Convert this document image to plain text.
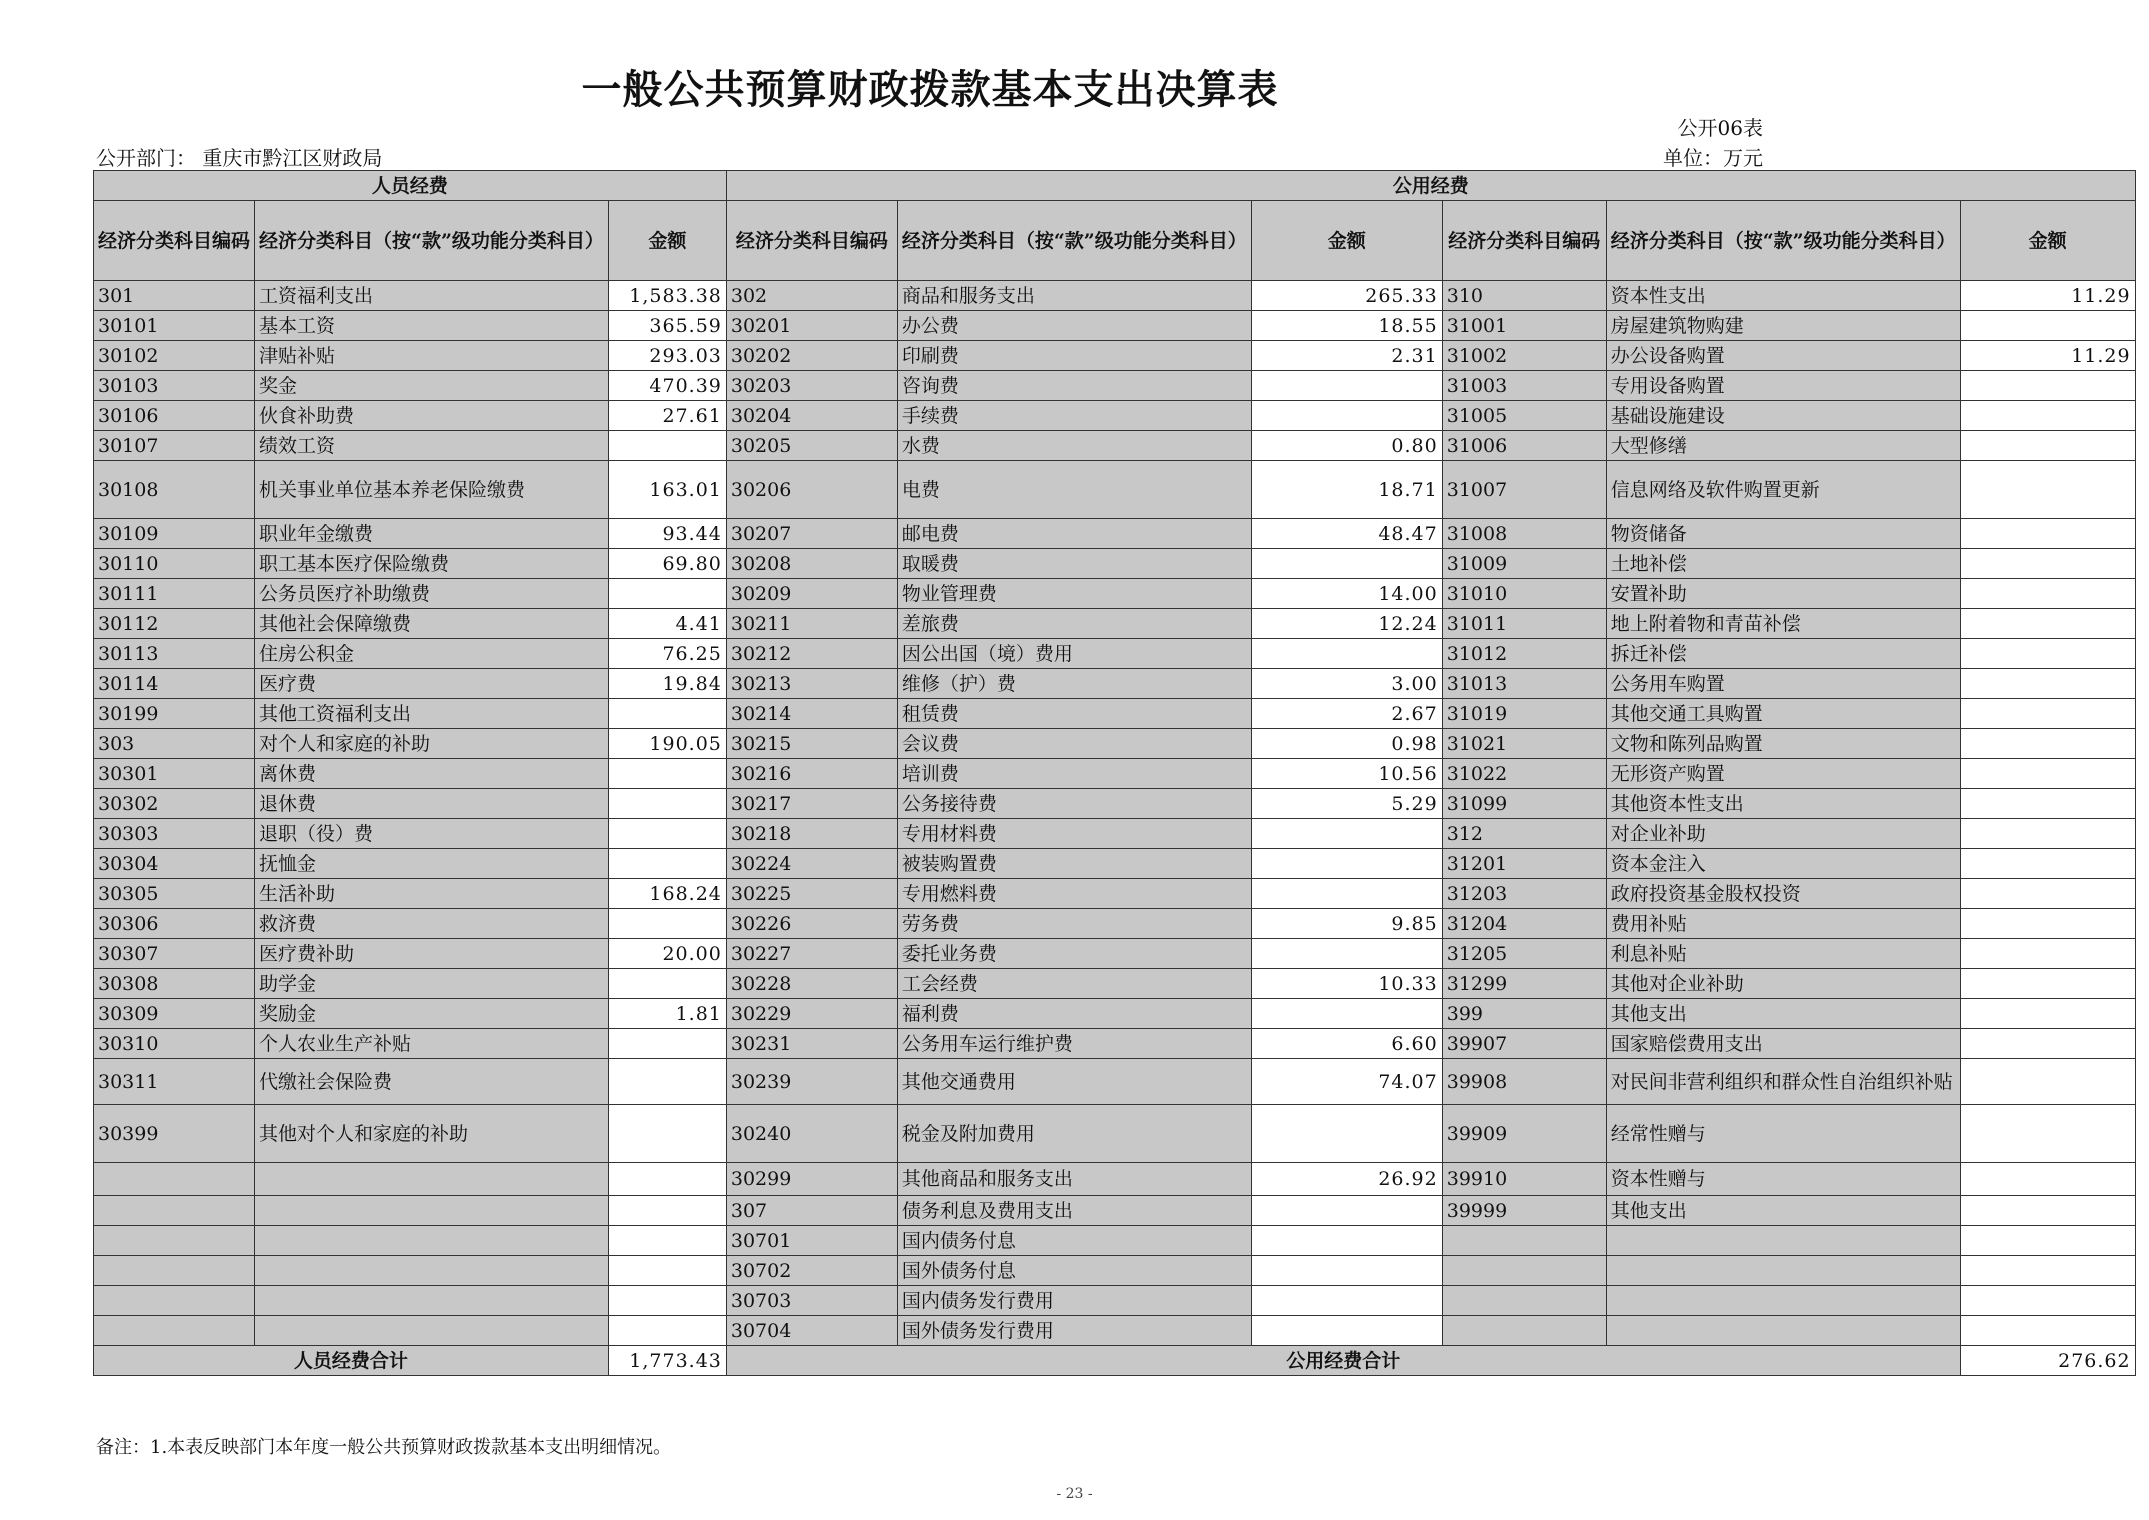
一般公共预算财政拨款基本支出决算表
公开06表
公开部门： 重庆市黔江区财政局	单位：万元
人员经费			公用经费					
经济分类科目编码	经济分类科目（按“款”级功能分类科目）	金额	经济分类科目编码	经济分类科目（按“款”级功能分类科目）	金额	经济分类科目编码	经济分类科目（按“款”级功能分类科目）	金额
301	工资福利支出	1,583.38	302	商品和服务支出	265.33	310	资本性支出	11.29
30101	基本工资	365.59	30201	办公费	18.55	31001	房屋建筑物购建	
30102	津贴补贴	293.03	30202	印刷费	2.31	31002	办公设备购置	11.29
30103	奖金	470.39	30203	咨询费		31003	专用设备购置	
30106	伙食补助费	27.61	30204	手续费		31005	基础设施建设	
30107	绩效工资		30205	水费	0.80	31006	大型修缮	
30108	机关事业单位基本养老保险缴费	163.01	30206	电费	18.71	31007	信息网络及软件购置更新	
30109	职业年金缴费	93.44	30207	邮电费	48.47	31008	物资储备	
30110	职工基本医疗保险缴费	69.80	30208	取暖费		31009	土地补偿	
30111	公务员医疗补助缴费		30209	物业管理费	14.00	31010	安置补助	
30112	其他社会保障缴费	4.41	30211	差旅费	12.24	31011	地上附着物和青苗补偿	
30113	住房公积金	76.25	30212	因公出国（境）费用		31012	拆迁补偿	
30114	医疗费	19.84	30213	维修（护）费	3.00	31013	公务用车购置	
30199	其他工资福利支出		30214	租赁费	2.67	31019	其他交通工具购置	
303	对个人和家庭的补助	190.05	30215	会议费	0.98	31021	文物和陈列品购置	
30301	离休费		30216	培训费	10.56	31022	无形资产购置	
30302	退休费		30217	公务接待费	5.29	31099	其他资本性支出	
30303	退职（役）费		30218	专用材料费		312	对企业补助	
30304	抚恤金		30224	被装购置费		31201	资本金注入	
30305	生活补助	168.24	30225	专用燃料费		31203	政府投资基金股权投资	
30306	救济费		30226	劳务费	9.85	31204	费用补贴	
30307	医疗费补助	20.00	30227	委托业务费		31205	利息补贴	
30308	助学金		30228	工会经费	10.33	31299	其他对企业补助	
30309	奖励金	1.81	30229	福利费		399	其他支出	
30310	个人农业生产补贴		30231	公务用车运行维护费	6.60	39907	国家赔偿费用支出	
30311	代缴社会保险费		30239	其他交通费用	74.07	39908	对民间非营利组织和群众性自治组织补贴	
30399	其他对个人和家庭的补助		30240	税金及附加费用		39909	经常性赠与	
			30299	其他商品和服务支出	26.92	39910	资本性赠与	
			307	债务利息及费用支出		39999	其他支出	
			30701	国内债务付息				
			30702	国外债务付息				
			30703	国内债务发行费用				
			30704	国外债务发行费用				
人员经费合计		1,773.43	公用经费合计					276.62
备注：1.本表反映部门本年度一般公共预算财政拨款基本支出明细情况。
- 23 -
